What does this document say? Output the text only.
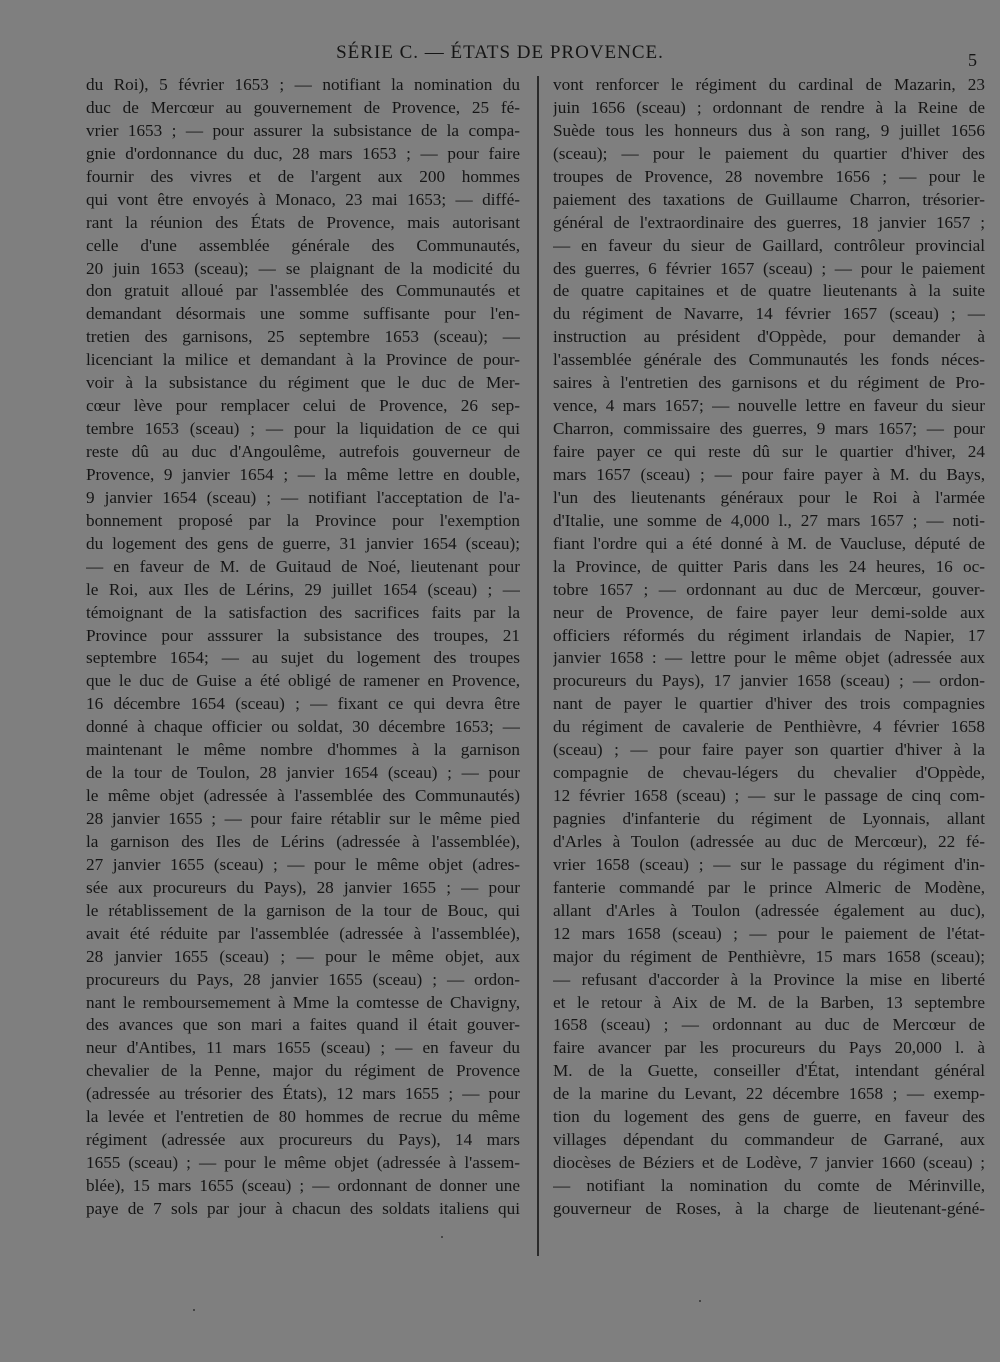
SÉRIE C. — ÉTATS DE PROVENCE.	5
du Roi), 5 février 1653 ; — notifiant la nomination du
duc de Mercœur au gouvernement de Provence, 25 fé-
vrier 1653 ; — pour assurer la subsistance de la compa-
gnie d'ordonnance du duc, 28 mars 1653 ; — pour faire
fournir des vivres et de l'argent aux 200 hommes
qui vont être envoyés à Monaco, 23 mai 1653; — diffé-
rant la réunion des États de Provence, mais autorisant
celle d'une assemblée générale des Communautés,
20 juin 1653 (sceau); — se plaignant de la modicité du
don gratuit alloué par l'assemblée des Communautés et
demandant désormais une somme suffisante pour l'en-
tretien des garnisons, 25 septembre 1653 (sceau); —
licenciant la milice et demandant à la Province de pour-
voir à la subsistance du régiment que le duc de Mer-
cœur lève pour remplacer celui de Provence, 26 sep-
tembre 1653 (sceau) ; — pour la liquidation de ce qui
reste dû au duc d'Angoulême, autrefois gouverneur de
Provence, 9 janvier 1654 ; — la même lettre en double,
9 janvier 1654 (sceau) ; — notifiant l'acceptation de l'a-
bonnement proposé par la Province pour l'exemption
du logement des gens de guerre, 31 janvier 1654 (sceau);
— en faveur de M. de Guitaud de Noé, lieutenant pour
le Roi, aux Iles de Lérins, 29 juillet 1654 (sceau) ; —
témoignant de la satisfaction des sacrifices faits par la
Province pour asssurer la subsistance des troupes, 21
septembre 1654; — au sujet du logement des troupes
que le duc de Guise a été obligé de ramener en Provence,
16 décembre 1654 (sceau) ; — fixant ce qui devra être
donné à chaque officier ou soldat, 30 décembre 1653; —
maintenant le même nombre d'hommes à la garnison
de la tour de Toulon, 28 janvier 1654 (sceau) ; — pour
le même objet (adressée à l'assemblée des Communautés)
28 janvier 1655 ; — pour faire rétablir sur le même pied
la garnison des Iles de Lérins (adressée à l'assemblée),
27 janvier 1655 (sceau) ; — pour le même objet (adres-
sée aux procureurs du Pays), 28 janvier 1655 ; — pour
le rétablissement de la garnison de la tour de Bouc, qui
avait été réduite par l'assemblée (adressée à l'assemblée),
28 janvier 1655 (sceau) ; — pour le même objet, aux
procureurs du Pays, 28 janvier 1655 (sceau) ; — ordon-
nant le remboursemement à Mme la comtesse de Chavigny,
des avances que son mari a faites quand il était gouver-
neur d'Antibes, 11 mars 1655 (sceau) ; — en faveur du
chevalier de la Penne, major du régiment de Provence
(adressée au trésorier des États), 12 mars 1655 ; — pour
la levée et l'entretien de 80 hommes de recrue du même
régiment (adressée aux procureurs du Pays), 14 mars
1655 (sceau) ; — pour le même objet (adressée à l'assem-
blée), 15 mars 1655 (sceau) ; — ordonnant de donner une
paye de 7 sols par jour à chacun des soldats italiens qui
vont renforcer le régiment du cardinal de Mazarin, 23
juin 1656 (sceau) ; ordonnant de rendre à la Reine de
Suède tous les honneurs dus à son rang, 9 juillet 1656
(sceau); — pour le paiement du quartier d'hiver des
troupes de Provence, 28 novembre 1656 ; — pour le
paiement des taxations de Guillaume Charron, trésorier-
général de l'extraordinaire des guerres, 18 janvier 1657 ;
— en faveur du sieur de Gaillard, contrôleur provincial
des guerres, 6 février 1657 (sceau) ; — pour le paiement
de quatre capitaines et de quatre lieutenants à la suite
du régiment de Navarre, 14 février 1657 (sceau) ; —
instruction au président d'Oppède, pour demander à
l'assemblée générale des Communautés les fonds néces-
saires à l'entretien des garnisons et du régiment de Pro-
vence, 4 mars 1657; — nouvelle lettre en faveur du sieur
Charron, commissaire des guerres, 9 mars 1657; — pour
faire payer ce qui reste dû sur le quartier d'hiver, 24
mars 1657 (sceau) ; — pour faire payer à M. du Bays,
l'un des lieutenants généraux pour le Roi à l'armée
d'Italie, une somme de 4,000 l., 27 mars 1657 ; — noti-
fiant l'ordre qui a été donné à M. de Vaucluse, député de
la Province, de quitter Paris dans les 24 heures, 16 oc-
tobre 1657 ; — ordonnant au duc de Mercœur, gouver-
neur de Provence, de faire payer leur demi-solde aux
officiers réformés du régiment irlandais de Napier, 17
janvier 1658 : — lettre pour le même objet (adressée aux
procureurs du Pays), 17 janvier 1658 (sceau) ; — ordon-
nant de payer le quartier d'hiver des trois compagnies
du régiment de cavalerie de Penthièvre, 4 février 1658
(sceau) ; — pour faire payer son quartier d'hiver à la
compagnie de chevau-légers du chevalier d'Oppède,
12 février 1658 (sceau) ; — sur le passage de cinq com-
pagnies d'infanterie du régiment de Lyonnais, allant
d'Arles à Toulon (adressée au duc de Mercœur), 22 fé-
vrier 1658 (sceau) ; — sur le passage du régiment d'in-
fanterie commandé par le prince Almeric de Modène,
allant d'Arles à Toulon (adressée également au duc),
12 mars 1658 (sceau) ; — pour le paiement de l'état-
major du régiment de Penthièvre, 15 mars 1658 (sceau);
— refusant d'accorder à la Province la mise en liberté
et le retour à Aix de M. de la Barben, 13 septembre
1658 (sceau) ; — ordonnant au duc de Mercœur de
faire avancer par les procureurs du Pays 20,000 l. à
M. de la Guette, conseiller d'État, intendant général
de la marine du Levant, 22 décembre 1658 ; — exemp-
tion du logement des gens de guerre, en faveur des
villages dépendant du commandeur de Garrané, aux
diocèses de Béziers et de Lodève, 7 janvier 1660 (sceau) ;
— notifiant la nomination du comte de Mérinville,
gouverneur de Roses, à la charge de lieutenant-géné-
